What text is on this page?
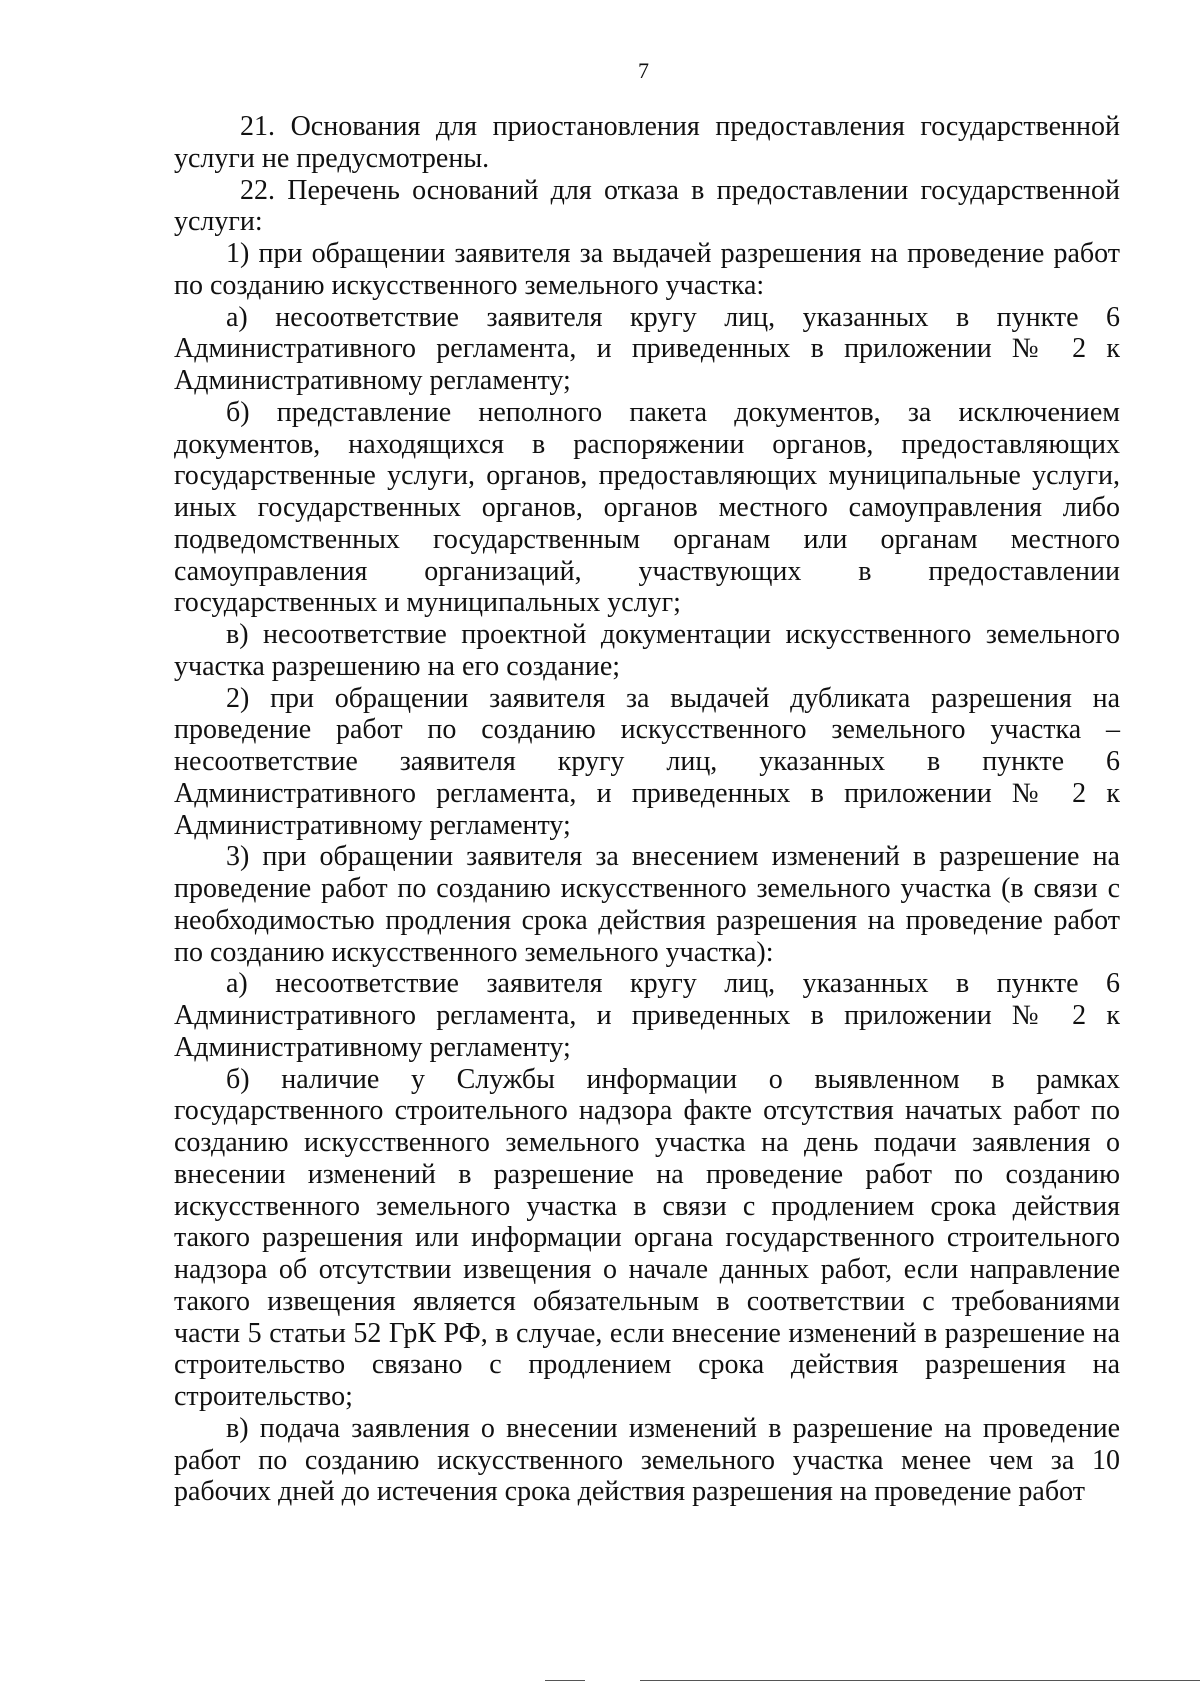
7

21. Основания для приостановления предоставления государственной услуги не предусмотрены.

22. Перечень оснований для отказа в предоставлении государственной услуги:

1) при обращении заявителя за выдачей разрешения на проведение работ по созданию искусственного земельного участка:

а) несоответствие заявителя кругу лиц, указанных в пункте 6 Административного регламента, и приведенных в приложении № 2 к Административному регламенту;

б) представление неполного пакета документов, за исключением документов, находящихся в распоряжении органов, предоставляющих государственные услуги, органов, предоставляющих муниципальные услуги, иных государственных органов, органов местного самоуправления либо подведомственных государственным органам или органам местного самоуправления организаций, участвующих в предоставлении государственных и муниципальных услуг;

в) несоответствие проектной документации искусственного земельного участка разрешению на его создание;

2) при обращении заявителя за выдачей дубликата разрешения на проведение работ по созданию искусственного земельного участка – несоответствие заявителя кругу лиц, указанных в пункте 6 Административного регламента, и приведенных в приложении № 2 к Административному регламенту;

3) при обращении заявителя за внесением изменений в разрешение на проведение работ по созданию искусственного земельного участка (в связи с необходимостью продления срока действия разрешения на проведение работ по созданию искусственного земельного участка):

а) несоответствие заявителя кругу лиц, указанных в пункте 6 Административного регламента, и приведенных в приложении № 2 к Административному регламенту;

б) наличие у Службы информации о выявленном в рамках государственного строительного надзора факте отсутствия начатых работ по созданию искусственного земельного участка на день подачи заявления о внесении изменений в разрешение на проведение работ по созданию искусственного земельного участка в связи с продлением срока действия такого разрешения или информации органа государственного строительного надзора об отсутствии извещения о начале данных работ, если направление такого извещения является обязательным в соответствии с требованиями части 5 статьи 52 ГрК РФ, в случае, если внесение изменений в разрешение на строительство связано с продлением срока действия разрешения на строительство;

в) подача заявления о внесении изменений в разрешение на проведение работ по созданию искусственного земельного участка менее чем за 10 рабочих дней до истечения срока действия разрешения на проведение работ
